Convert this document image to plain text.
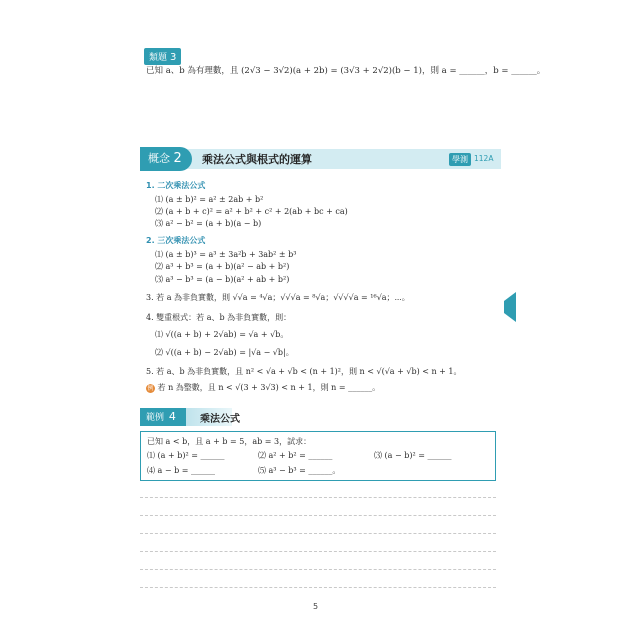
類題 3
已知 a、b 為有理數，且 (2√3 − 3√2)(a + 2b) = (3√3 + 2√2)(b − 1)，則 a = ______，b = ______。
概念 2	乘法公式與根式的運算	學測 112A
1. 二次乘法公式
⑴ (a ± b)² = a² ± 2ab + b²
⑵ (a + b + c)² = a² + b² + c² + 2(ab + bc + ca)
⑶ a² − b² = (a + b)(a − b)
2. 三次乘法公式
⑴ (a ± b)³ = a³ ± 3a²b + 3ab² ± b³
⑵ a³ + b³ = (a + b)(a² − ab + b²)
⑶ a³ − b³ = (a − b)(a² + ab + b²)
3. 若 a 為非負實數，則 √√a = ⁴√a；√√√a = ⁸√a；√√√√a = ¹⁶√a；⋯。
4. 雙重根式：若 a、b 為非負實數，則：
⑴ √((a + b) + 2√ab) = √a + √b。
⑵ √((a + b) − 2√ab) = |√a − √b|。
5. 若 a、b 為非負實數，且 n² < √a + √b < (n + 1)²，則 n < √(√a + √b) < n + 1。
例 若 n 為整數，且 n < √(3 + 3√3) < n + 1，則 n = ______。
範例 4 乘法公式
已知 a < b，且 a + b = 5，ab = 3，試求：
⑴ (a + b)² = ______	⑵ a² + b² = ______	⑶ (a − b)² = ______
⑷ a − b = ______	⑸ a³ − b³ = ______。
5
